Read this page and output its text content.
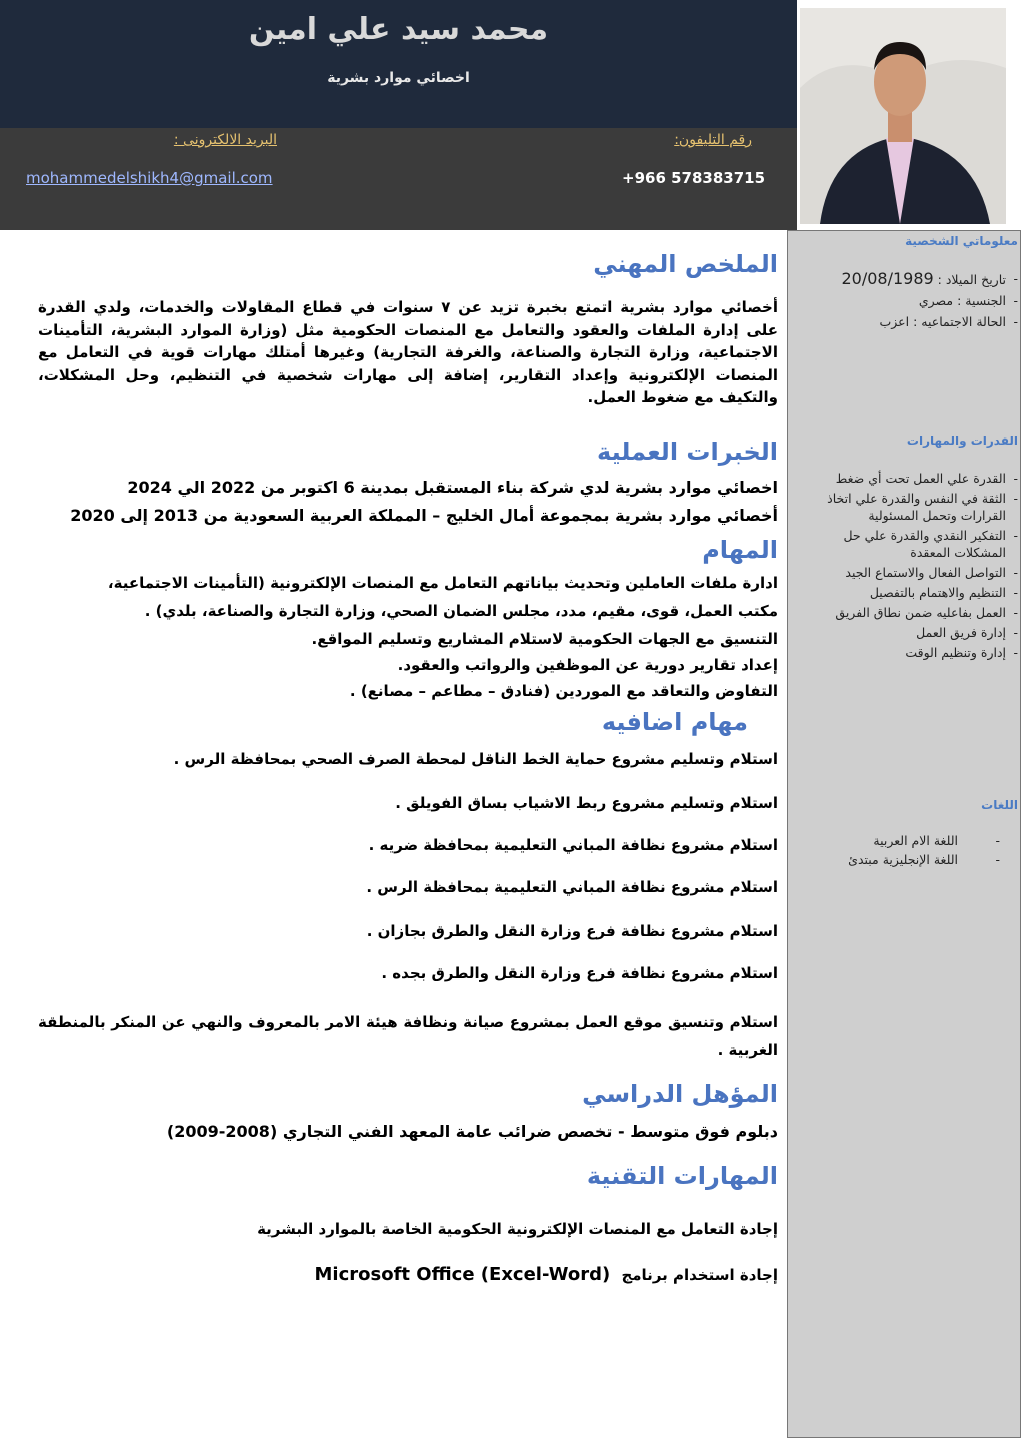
محمد سيد علي امين
اخصائي موارد بشرية
رقم التليفون:
البريد الالكترونى :
+966 578383715
mohammedelshikh4@gmail.com
معلوماتي الشخصية
- تاريخ الميلاد : 20/08/1989
- الجنسية : مصري
- الحالة الاجتماعيه : اعزب
القدرات والمهارات
- القدرة علي العمل تحت أي ضغط
- الثقة في النفس والقدرة علي اتخاذ القرارات وتحمل المسئولية
- التفكير النقدي والقدرة علي حل المشكلات المعقدة
- التواصل الفعال والاستماع الجيد
- التنظيم والاهتمام بالتفصيل
- العمل بفاعليه ضمن نطاق الفريق
- إدارة فريق العمل
- إدارة وتنظيم الوقت
اللغات
- اللغة الام العربية
- اللغة الإنجليزية مبتدئ
الملخص المهني
أخصائي موارد بشرية اتمتع بخبرة تزيد عن ٧ سنوات في قطاع المقاولات والخدمات، ولدي القدرة على إدارة الملفات والعقود والتعامل مع المنصات الحكومية مثل (وزارة الموارد البشرية، التأمينات الاجتماعية، وزارة التجارة والصناعة، والغرفة التجارية) وغيرها أمتلك مهارات قوية في التعامل مع المنصات الإلكترونية وإعداد التقارير، إضافة إلى مهارات شخصية في التنظيم، وحل المشكلات، والتكيف مع ضغوط العمل.
الخبرات العملية
اخصائي موارد بشرية لدي شركة بناء المستقبل بمدينة 6 اكتوبر من 2022 الي 2024
أخصائي موارد بشرية بمجموعة أمال الخليج – المملكة العربية السعودية من 2013 إلى 2020
المهام
ادارة ملفات العاملين وتحديث بياناتهم التعامل مع المنصات الإلكترونية (التأمينات الاجتماعية،
مكتب العمل، قوى، مقيم، مدد، مجلس الضمان الصحي، وزارة التجارة والصناعة، بلدي) .
التنسيق مع الجهات الحكومية لاستلام المشاريع وتسليم المواقع.
إعداد تقارير دورية عن الموظفين والرواتب والعقود.
التفاوض والتعاقد مع الموردين (فنادق – مطاعم – مصانع) .
مهام اضافيه
استلام وتسليم مشروع حماية الخط الناقل لمحطة الصرف الصحي بمحافظة الرس .
استلام وتسليم مشروع ربط الاشياب بساق الفويلق .
استلام مشروع نظافة المباني التعليمية بمحافظة ضريه .
استلام مشروع نظافة المباني التعليمية بمحافظة الرس .
استلام مشروع نظافة فرع وزارة النقل والطرق بجازان .
استلام مشروع نظافة فرع وزارة النقل والطرق بجده .
استلام وتنسيق موقع العمل بمشروع صيانة ونظافة هيئة الامر بالمعروف والنهي عن المنكر بالمنطقة الغربية .
المؤهل الدراسي
دبلوم فوق متوسط - تخصص ضرائب عامة المعهد الفني التجاري (2008-2009)
المهارات التقنية
إجادة التعامل مع المنصات الإلكترونية الحكومية الخاصة بالموارد البشرية
إجادة استخدام برنامج Microsoft Office (Excel-Word)
